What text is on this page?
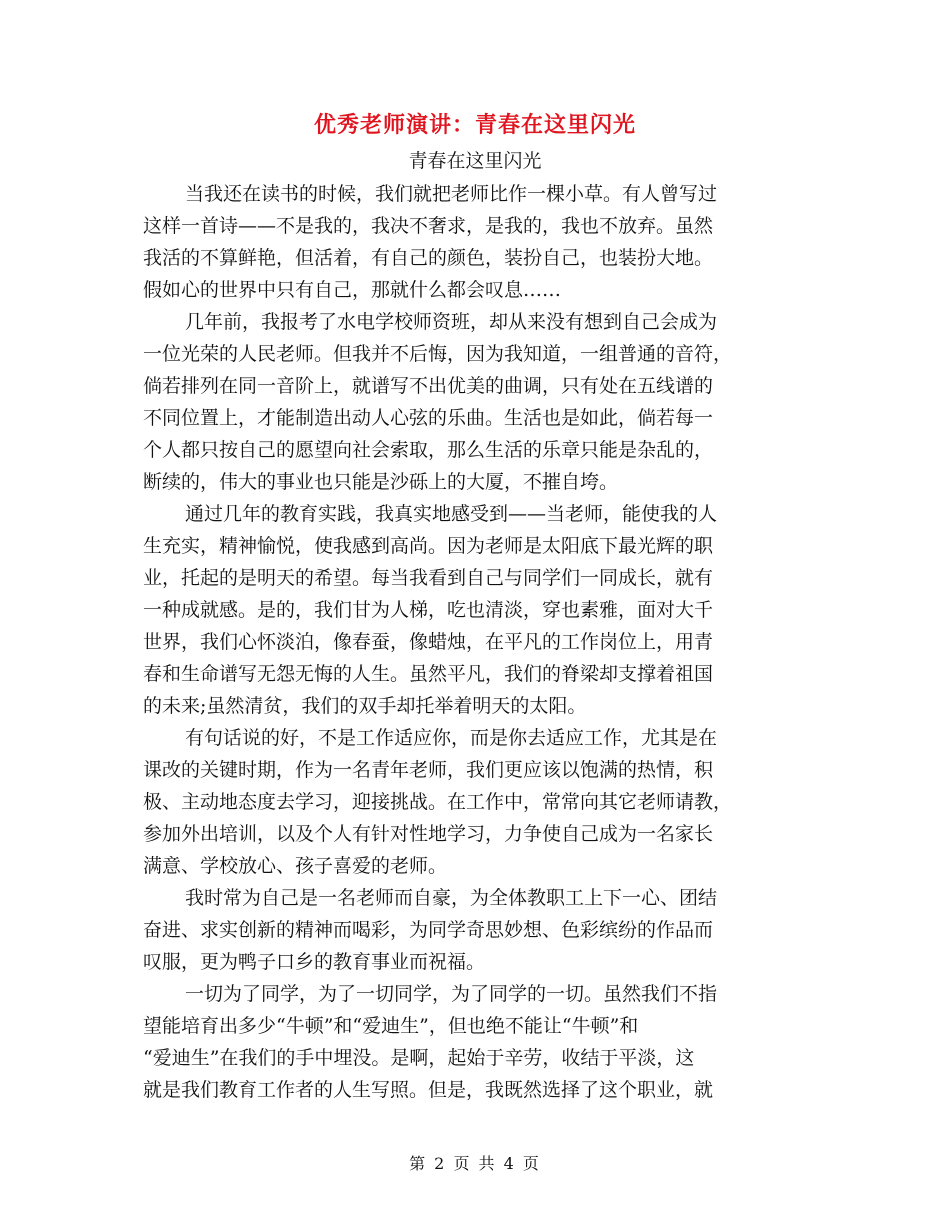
优秀老师演讲：青春在这里闪光
青春在这里闪光
当我还在读书的时候，我们就把老师比作一棵小草。有人曾写过
这样一首诗——不是我的，我决不奢求，是我的，我也不放弃。虽然
我活的不算鲜艳，但活着，有自己的颜色，装扮自己，也装扮大地。
假如心的世界中只有自己，那就什么都会叹息……
几年前，我报考了水电学校师资班，却从来没有想到自己会成为
一位光荣的人民老师。但我并不后悔，因为我知道，一组普通的音符，
倘若排列在同一音阶上，就谱写不出优美的曲调，只有处在五线谱的
不同位置上，才能制造出动人心弦的乐曲。生活也是如此，倘若每一
个人都只按自己的愿望向社会索取，那么生活的乐章只能是杂乱的，
断续的，伟大的事业也只能是沙砾上的大厦，不摧自垮。
通过几年的教育实践，我真实地感受到——当老师，能使我的人
生充实，精神愉悦，使我感到高尚。因为老师是太阳底下最光辉的职
业，托起的是明天的希望。每当我看到自己与同学们一同成长，就有
一种成就感。是的，我们甘为人梯，吃也清淡，穿也素雅，面对大千
世界，我们心怀淡泊，像春蚕，像蜡烛，在平凡的工作岗位上，用青
春和生命谱写无怨无悔的人生。虽然平凡，我们的脊梁却支撑着祖国
的未来;虽然清贫，我们的双手却托举着明天的太阳。
有句话说的好，不是工作适应你，而是你去适应工作，尤其是在
课改的关键时期，作为一名青年老师，我们更应该以饱满的热情，积
极、主动地态度去学习，迎接挑战。在工作中，常常向其它老师请教，
参加外出培训，以及个人有针对性地学习，力争使自己成为一名家长
满意、学校放心、孩子喜爱的老师。
我时常为自己是一名老师而自豪，为全体教职工上下一心、团结
奋进、求实创新的精神而喝彩，为同学奇思妙想、色彩缤纷的作品而
叹服，更为鸭子口乡的教育事业而祝福。
一切为了同学，为了一切同学，为了同学的一切。虽然我们不指
望能培育出多少“牛顿”和“爱迪生”，但也绝不能让“牛顿”和
“爱迪生”在我们的手中埋没。是啊，起始于辛劳，收结于平淡，这
就是我们教育工作者的人生写照。但是，我既然选择了这个职业，就
第 2 页 共 4 页
